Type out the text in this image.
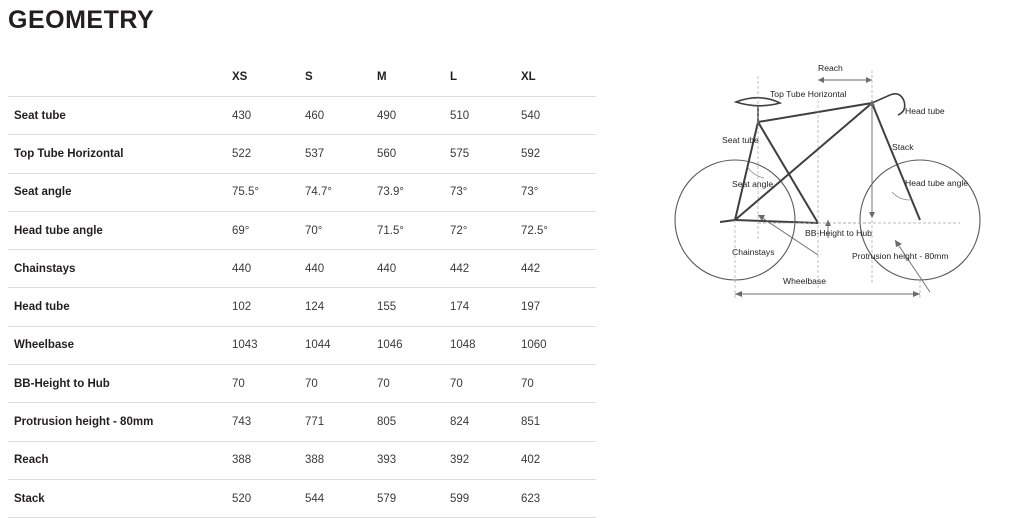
GEOMETRY
	XS	S	M	L	XL
Seat tube	430	460	490	510	540
Top Tube Horizontal	522	537	560	575	592
Seat angle	75.5°	74.7°	73.9°	73°	73°
Head tube angle	69°	70°	71.5°	72°	72.5°
Chainstays	440	440	440	442	442
Head tube	102	124	155	174	197
Wheelbase	1043	1044	1046	1048	1060
BB-Height to Hub	70	70	70	70	70
Protrusion height - 80mm	743	771	805	824	851
Reach	388	388	393	392	402
Stack	520	544	579	599	623
Reach
Top Tube Horizontal
Head tube
Seat tube
Stack
Seat angle	Head tube angle
BB-Height to Hub
Chainstays	Protrusion height - 80mm
Wheelbase
